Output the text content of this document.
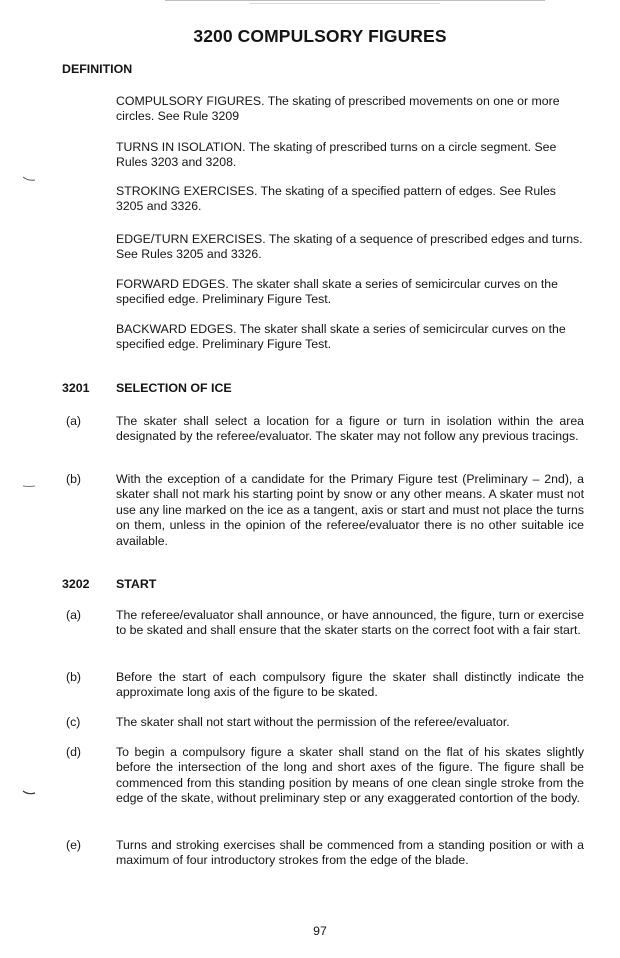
3200 COMPULSORY FIGURES
DEFINITION
COMPULSORY FIGURES. The skating of prescribed movements on one or more circles. See Rule 3209
TURNS IN ISOLATION. The skating of prescribed turns on a circle segment. See Rules 3203 and 3208.
STROKING EXERCISES. The skating of a specified pattern of edges. See Rules 3205 and 3326.
EDGE/TURN EXERCISES. The skating of a sequence of prescribed edges and turns. See Rules 3205 and 3326.
FORWARD EDGES. The skater shall skate a series of semicircular curves on the specified edge. Preliminary Figure Test.
BACKWARD EDGES. The skater shall skate a series of semicircular curves on the specified edge. Preliminary Figure Test.
3201 SELECTION OF ICE
(a)	The skater shall select a location for a figure or turn in isolation within the area designated by the referee/evaluator. The skater may not follow any previous tracings.
(b)	With the exception of a candidate for the Primary Figure test (Preliminary – 2nd), a skater shall not mark his starting point by snow or any other means. A skater must not use any line marked on the ice as a tangent, axis or start and must not place the turns on them, unless in the opinion of the referee/evaluator there is no other suitable ice available.
3202 START
(a)	The referee/evaluator shall announce, or have announced, the figure, turn or exercise to be skated and shall ensure that the skater starts on the correct foot with a fair start.
(b)	Before the start of each compulsory figure the skater shall distinctly indicate the approximate long axis of the figure to be skated.
(c)	The skater shall not start without the permission of the referee/evaluator.
(d)	To begin a compulsory figure a skater shall stand on the flat of his skates slightly before the intersection of the long and short axes of the figure. The figure shall be commenced from this standing position by means of one clean single stroke from the edge of the skate, without preliminary step or any exaggerated contortion of the body.
(e)	Turns and stroking exercises shall be commenced from a standing position or with a maximum of four introductory strokes from the edge of the blade.
97
